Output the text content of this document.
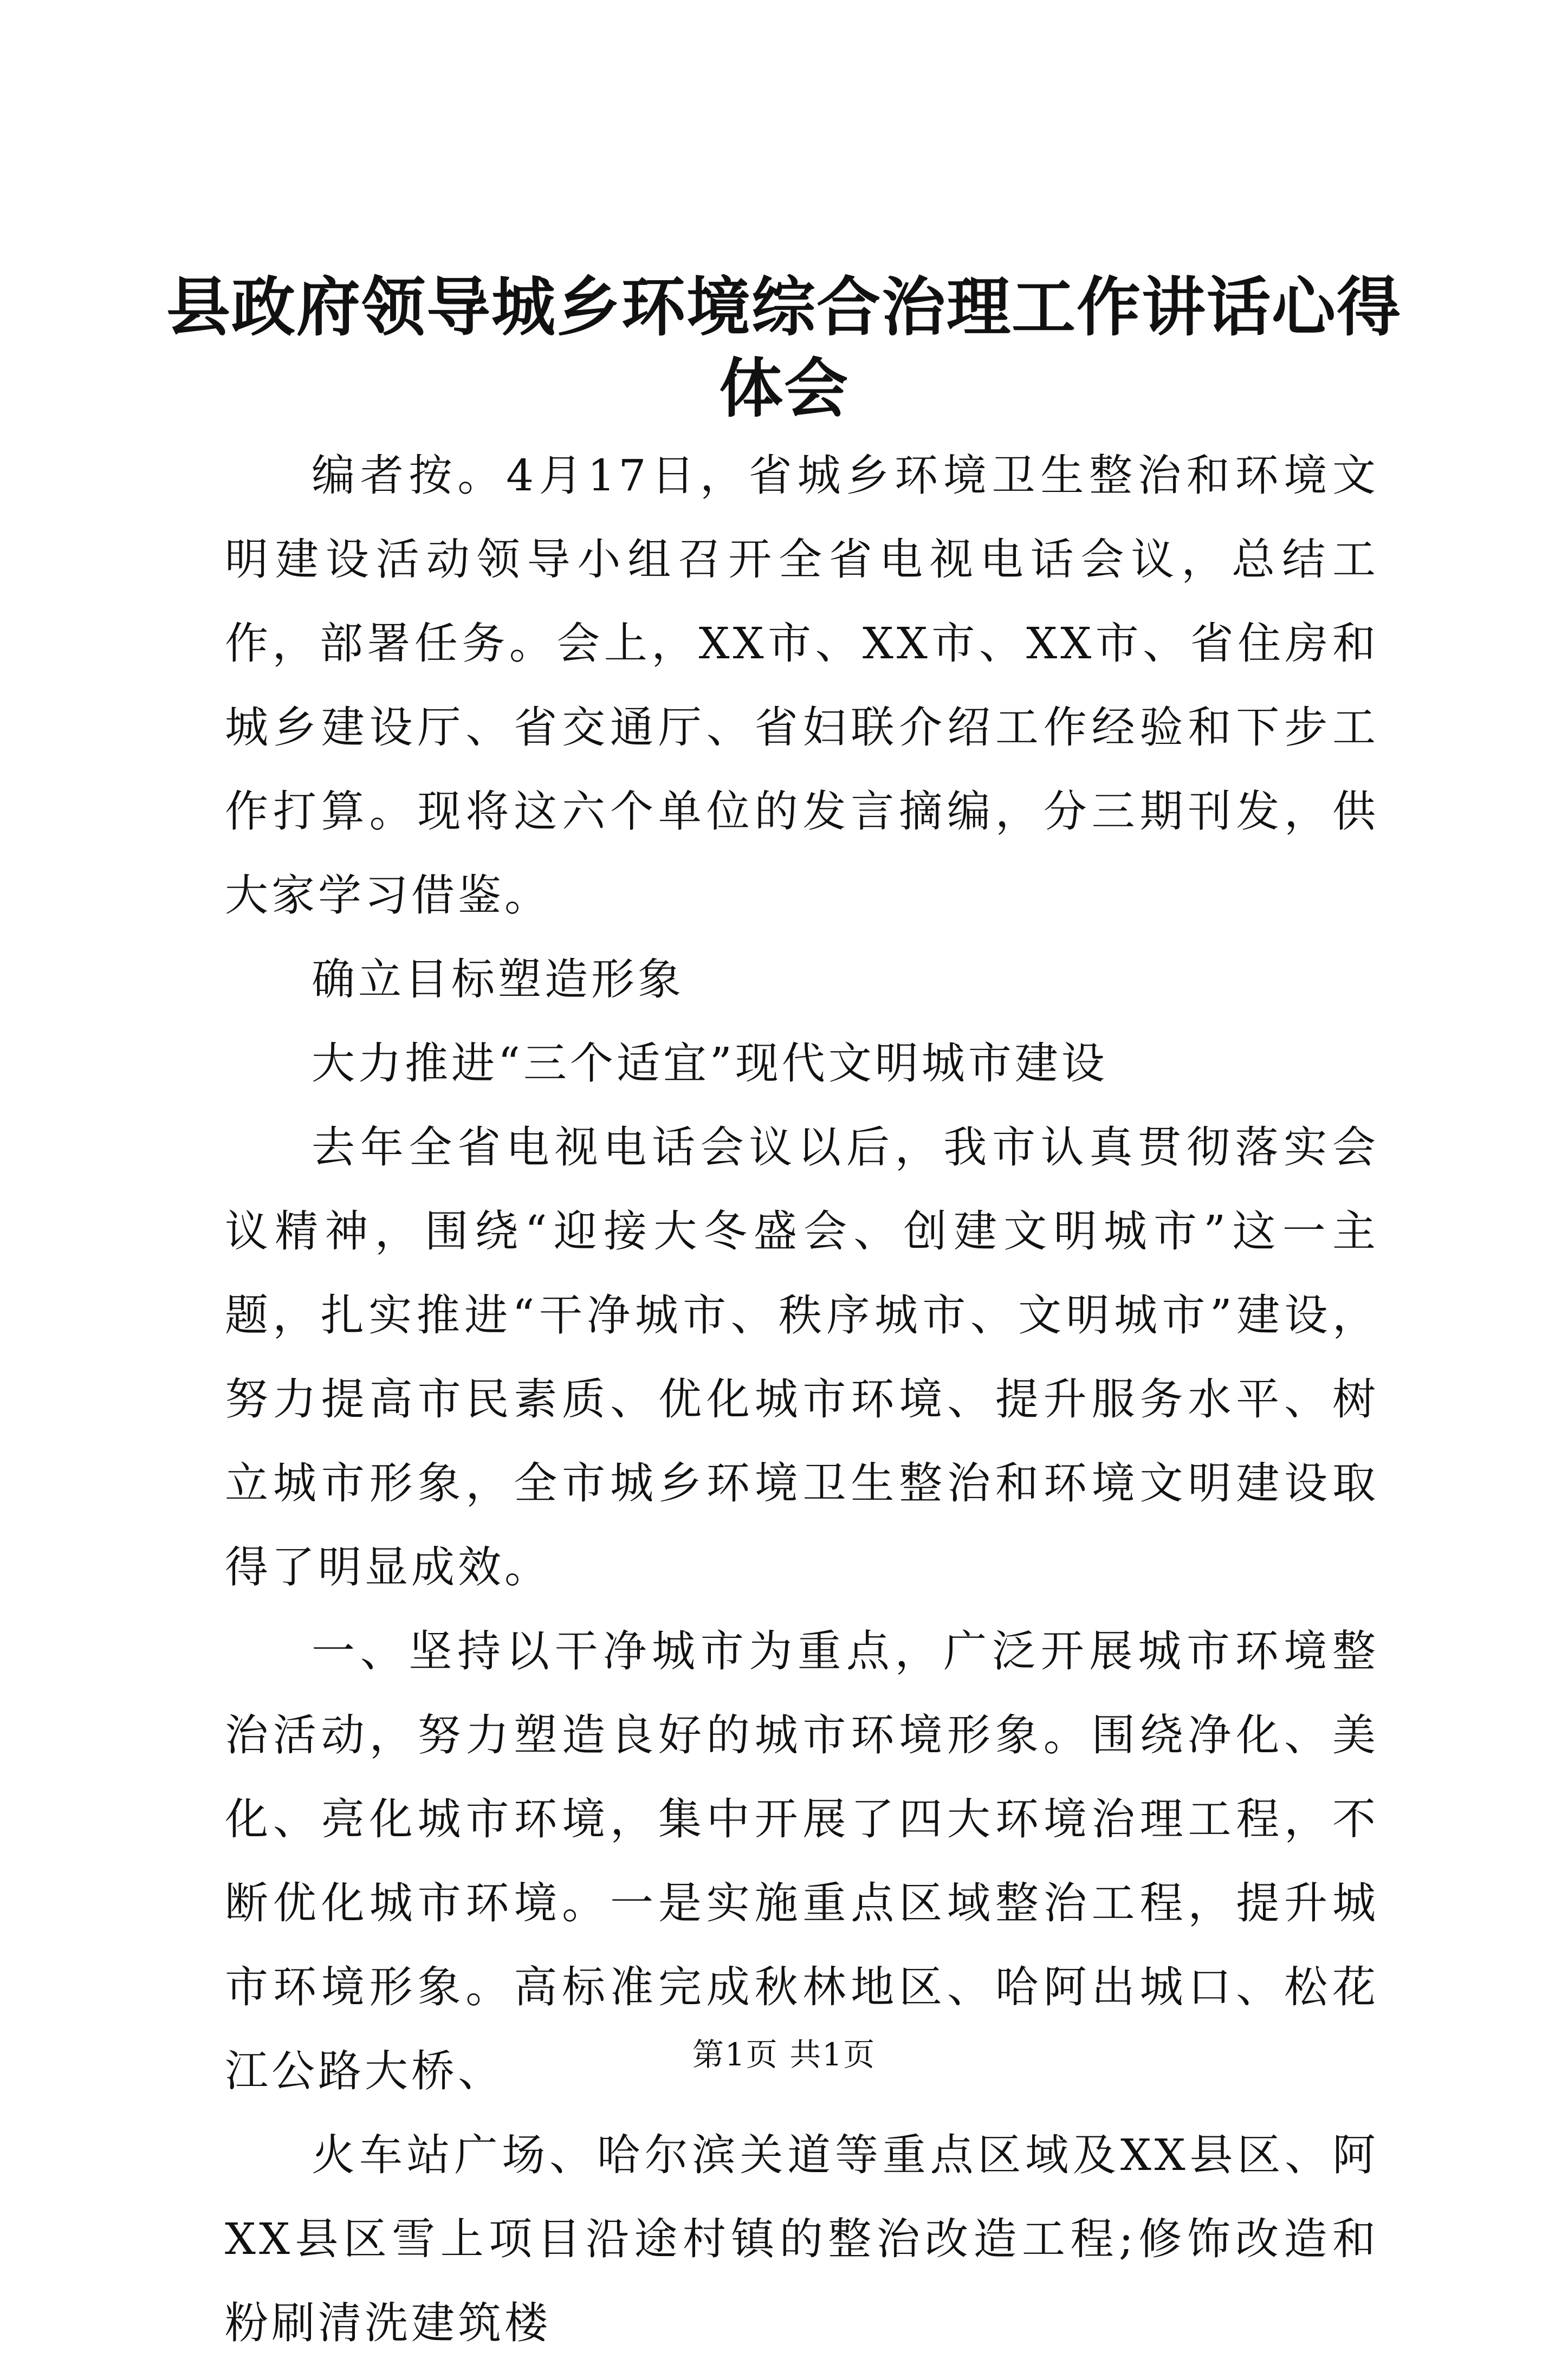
县政府领导城乡环境综合治理工作讲话心得体会

编者按。4月17日，省城乡环境卫生整治和环境文明建设活动领导小组召开全省电视电话会议，总结工作，部署任务。会上，XX市、XX市、XX市、省住房和城乡建设厅、省交通厅、省妇联介绍工作经验和下步工作打算。现将这六个单位的发言摘编，分三期刊发，供大家学习借鉴。

确立目标塑造形象

大力推进“三个适宜”现代文明城市建设

去年全省电视电话会议以后，我市认真贯彻落实会议精神，围绕“迎接大冬盛会、创建文明城市”这一主题，扎实推进“干净城市、秩序城市、文明城市”建设，努力提高市民素质、优化城市环境、提升服务水平、树立城市形象，全市城乡环境卫生整治和环境文明建设取得了明显成效。

一、坚持以干净城市为重点，广泛开展城市环境整治活动，努力塑造良好的城市环境形象。围绕净化、美化、亮化城市环境，集中开展了四大环境治理工程，不断优化城市环境。一是实施重点区域整治工程，提升城市环境形象。高标准完成秋林地区、哈阿出城口、松花江公路大桥、

火车站广场、哈尔滨关道等重点区域及XX县区、阿XX县区雪上项目沿途村镇的整治改造工程;修饰改造和粉刷清洗建筑楼

第1页 共1页
